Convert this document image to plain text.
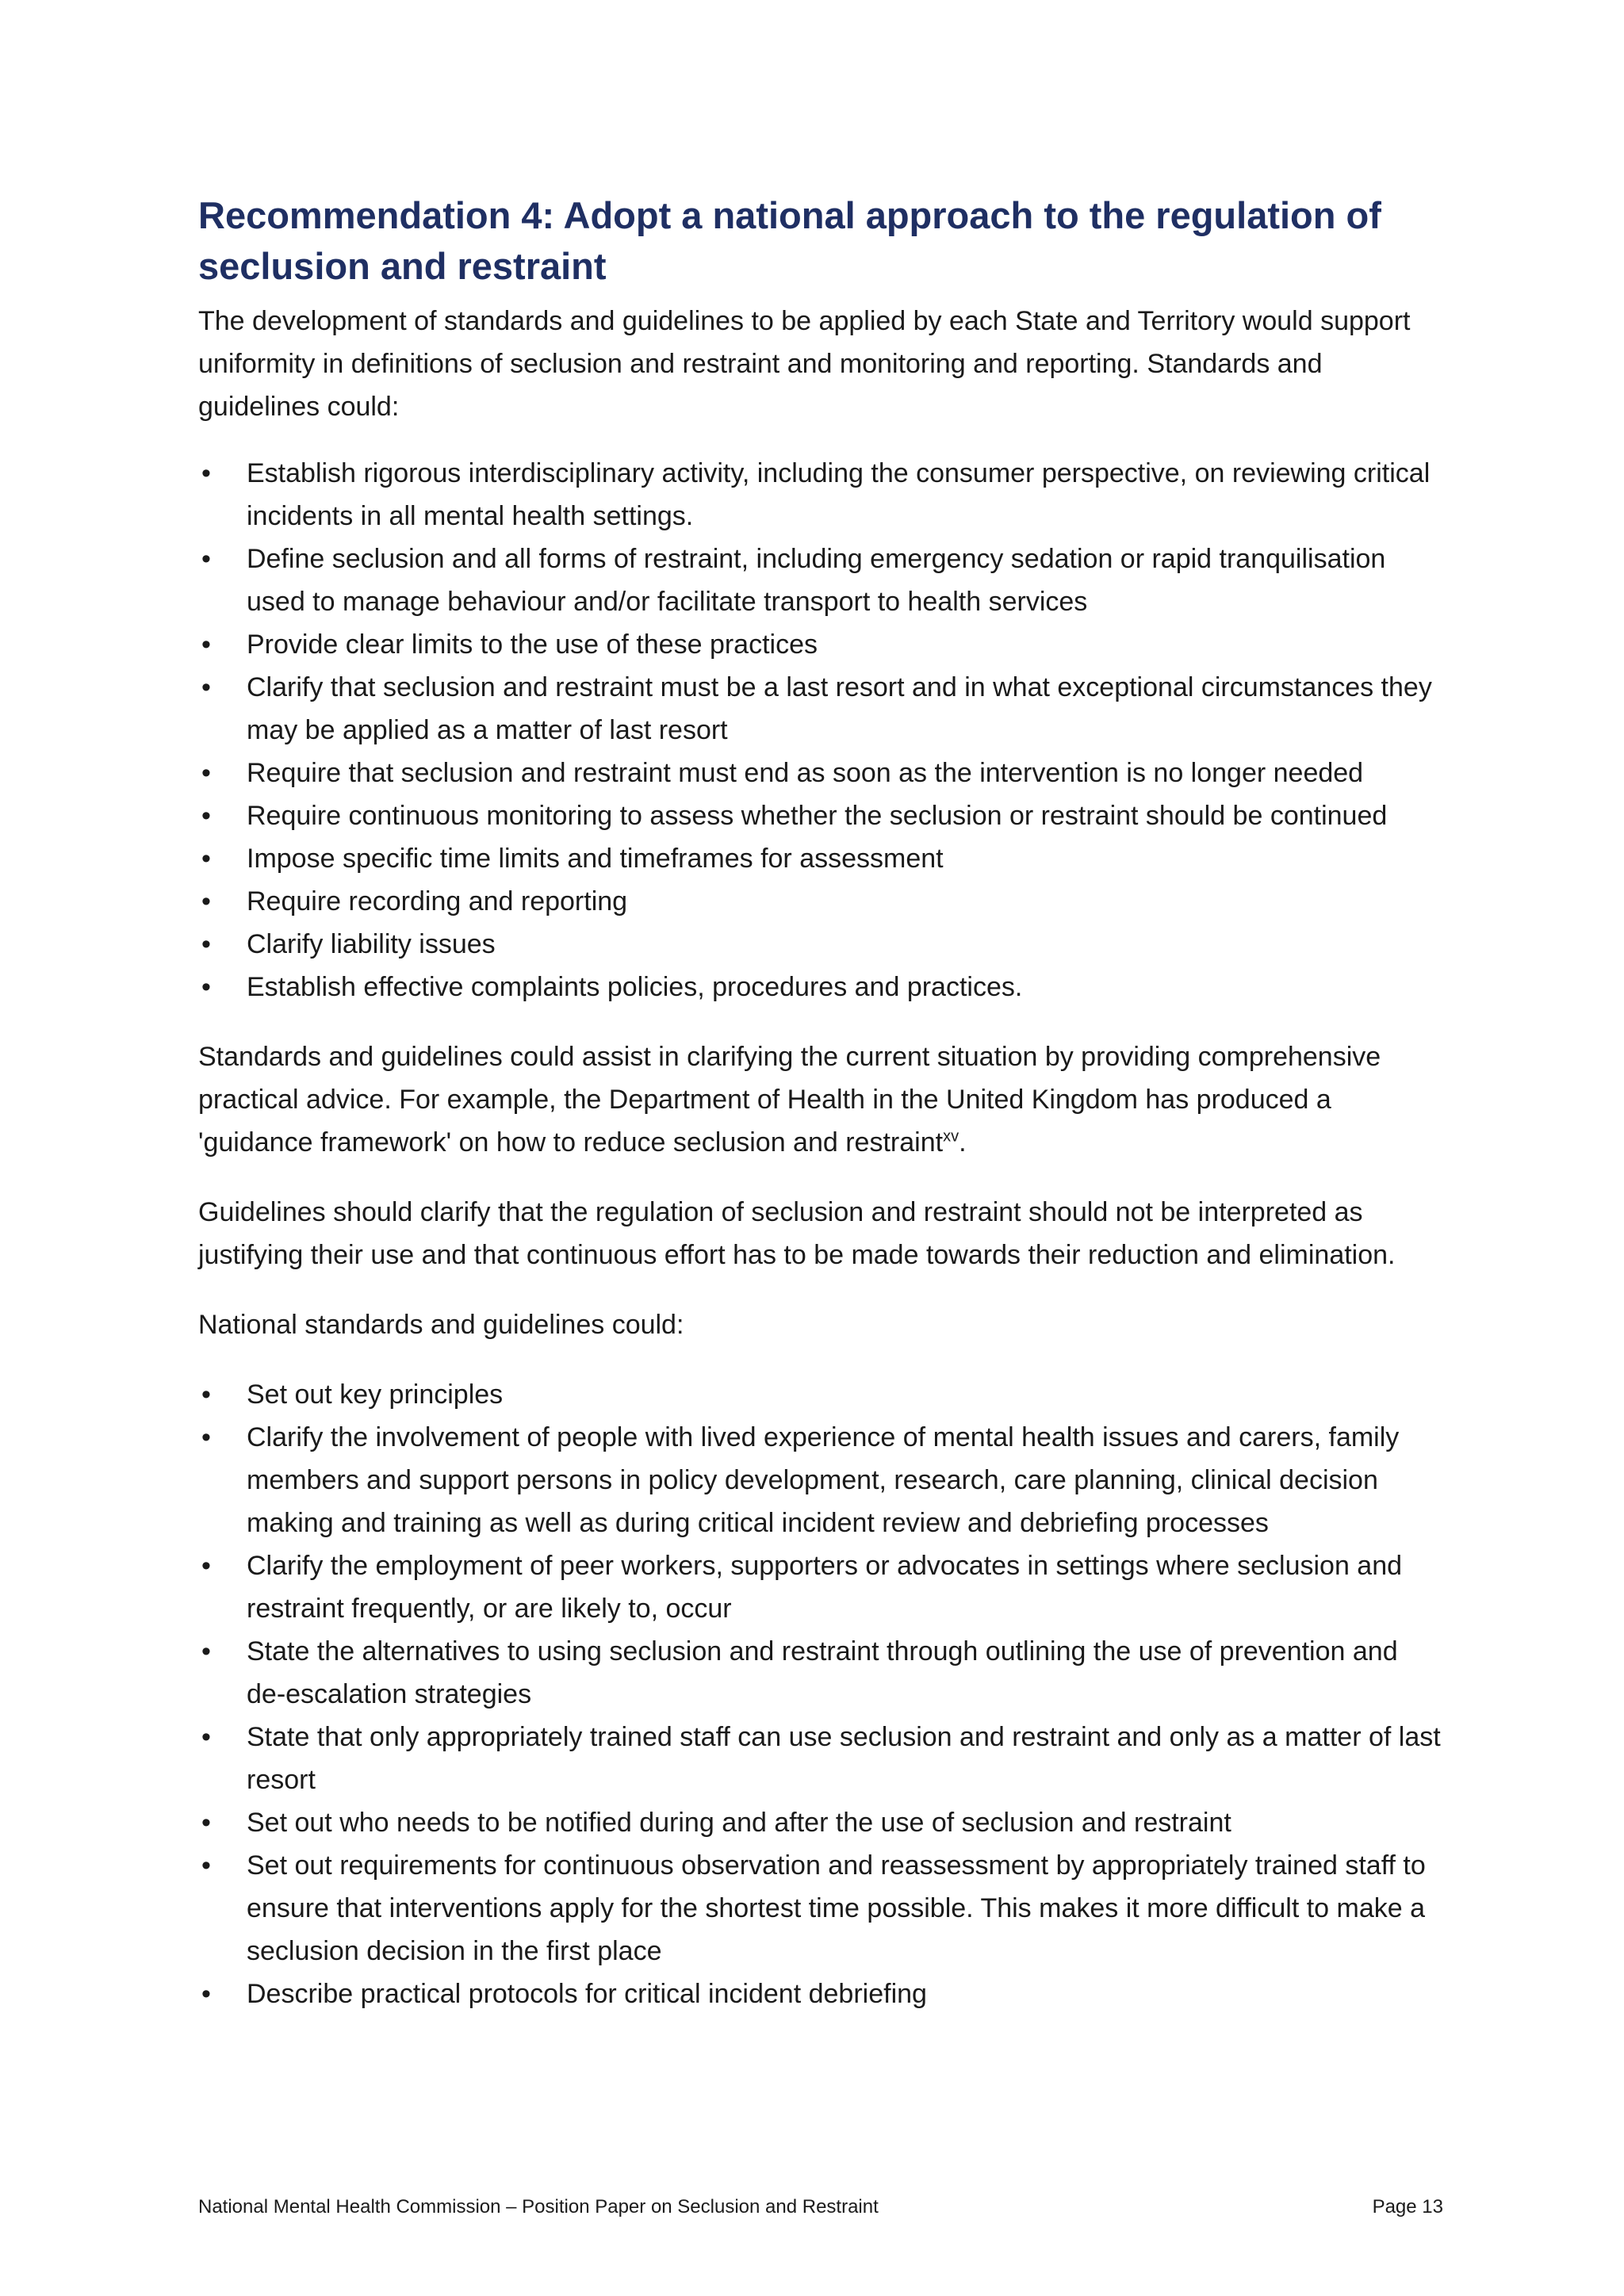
Recommendation 4: Adopt a national approach to the regulation of seclusion and restraint

The development of standards and guidelines to be applied by each State and Territory would support uniformity in definitions of seclusion and restraint and monitoring and reporting. Standards and guidelines could:

• Establish rigorous interdisciplinary activity, including the consumer perspective, on reviewing critical incidents in all mental health settings.
• Define seclusion and all forms of restraint, including emergency sedation or rapid tranquilisation used to manage behaviour and/or facilitate transport to health services
• Provide clear limits to the use of these practices
• Clarify that seclusion and restraint must be a last resort and in what exceptional circumstances they may be applied as a matter of last resort
• Require that seclusion and restraint must end as soon as the intervention is no longer needed
• Require continuous monitoring to assess whether the seclusion or restraint should be continued
• Impose specific time limits and timeframes for assessment
• Require recording and reporting
• Clarify liability issues
• Establish effective complaints policies, procedures and practices.

Standards and guidelines could assist in clarifying the current situation by providing comprehensive practical advice. For example, the Department of Health in the United Kingdom has produced a 'guidance framework' on how to reduce seclusion and restraint$^{xv}$.

Guidelines should clarify that the regulation of seclusion and restraint should not be interpreted as justifying their use and that continuous effort has to be made towards their reduction and elimination.

National standards and guidelines could:

• Set out key principles
• Clarify the involvement of people with lived experience of mental health issues and carers, family members and support persons in policy development, research, care planning, clinical decision making and training as well as during critical incident review and debriefing processes
• Clarify the employment of peer workers, supporters or advocates in settings where seclusion and restraint frequently, or are likely to, occur
• State the alternatives to using seclusion and restraint through outlining the use of prevention and de-escalation strategies
• State that only appropriately trained staff can use seclusion and restraint and only as a matter of last resort
• Set out who needs to be notified during and after the use of seclusion and restraint
• Set out requirements for continuous observation and reassessment by appropriately trained staff to ensure that interventions apply for the shortest time possible. This makes it more difficult to make a seclusion decision in the first place
• Describe practical protocols for critical incident debriefing
National Mental Health Commission – Position Paper on Seclusion and Restraint	Page 13
